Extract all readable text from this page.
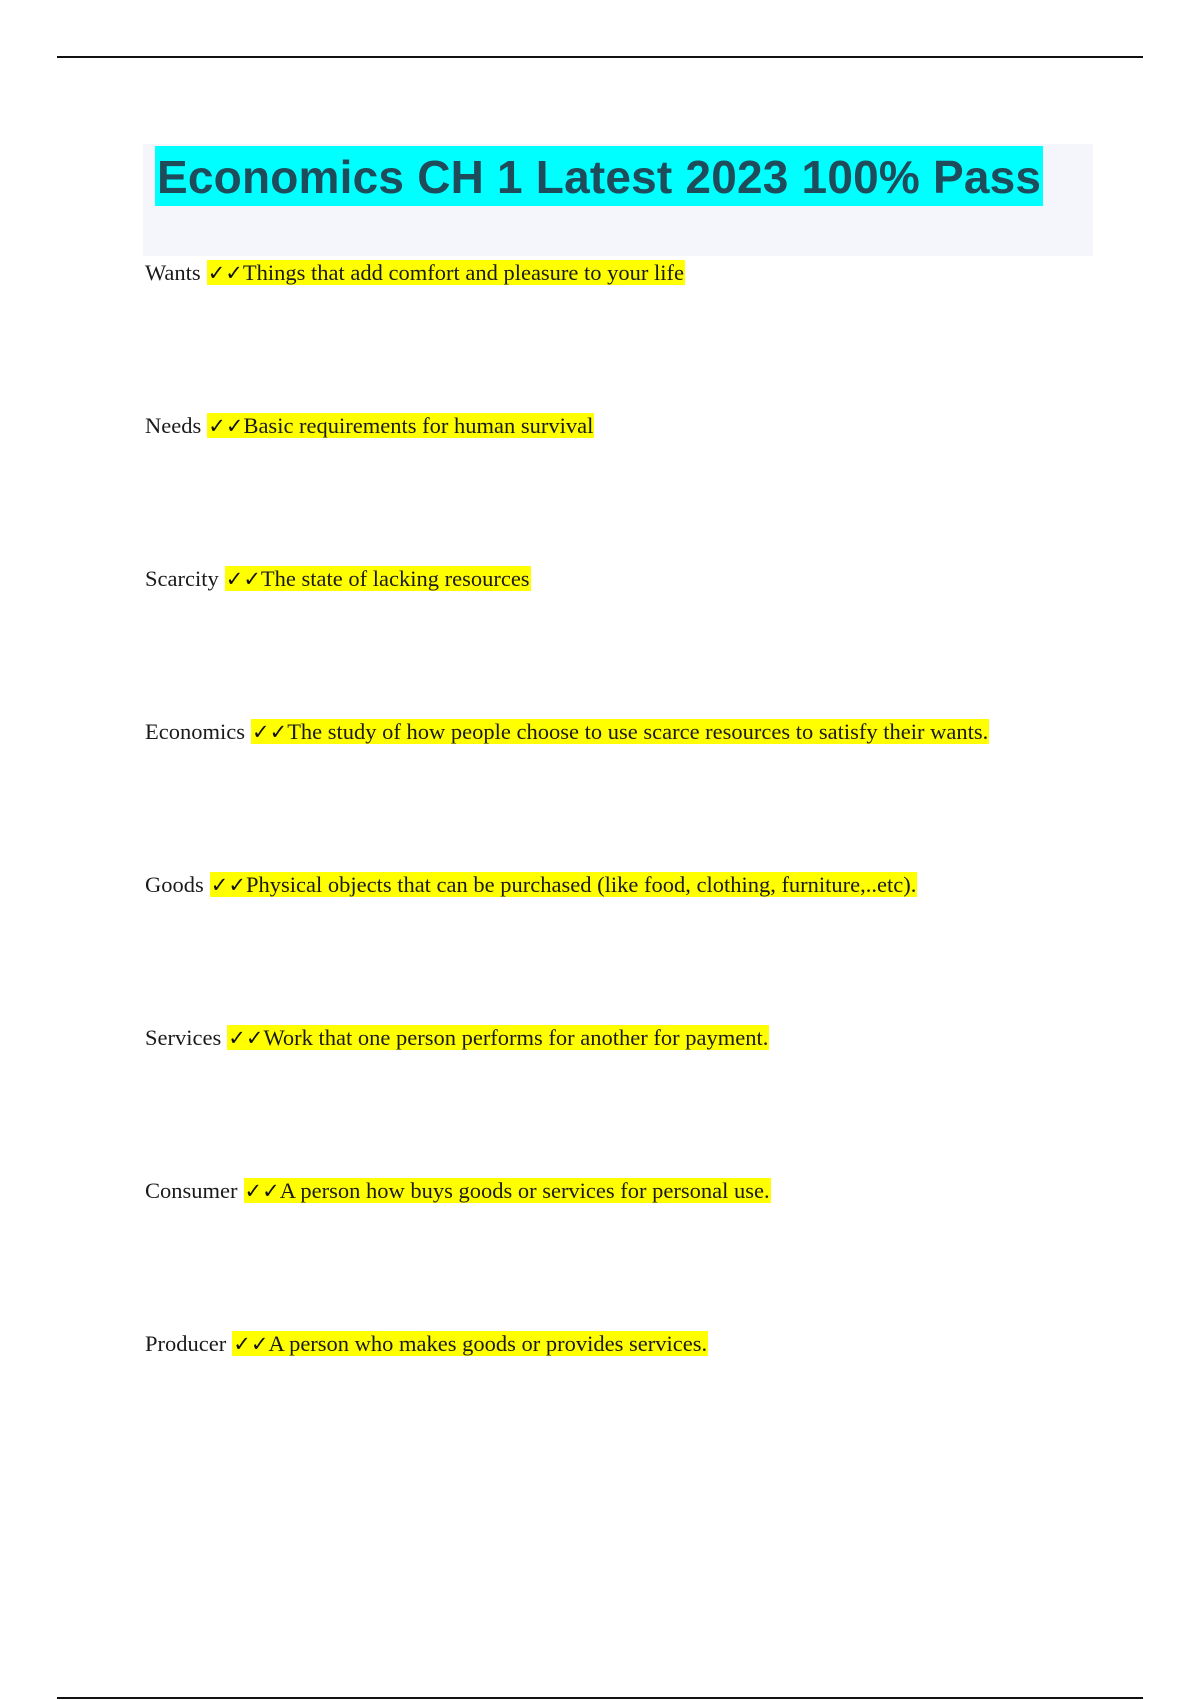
Economics CH 1 Latest 2023 100% Pass
Wants ✓✓Things that add comfort and pleasure to your life
Needs ✓✓Basic requirements for human survival
Scarcity ✓✓The state of lacking resources
Economics ✓✓The study of how people choose to use scarce resources to satisfy their wants.
Goods ✓✓Physical objects that can be purchased (like food, clothing, furniture,..etc).
Services ✓✓Work that one person performs for another for payment.
Consumer ✓✓A person how buys goods or services for personal use.
Producer ✓✓A person who makes goods or provides services.
